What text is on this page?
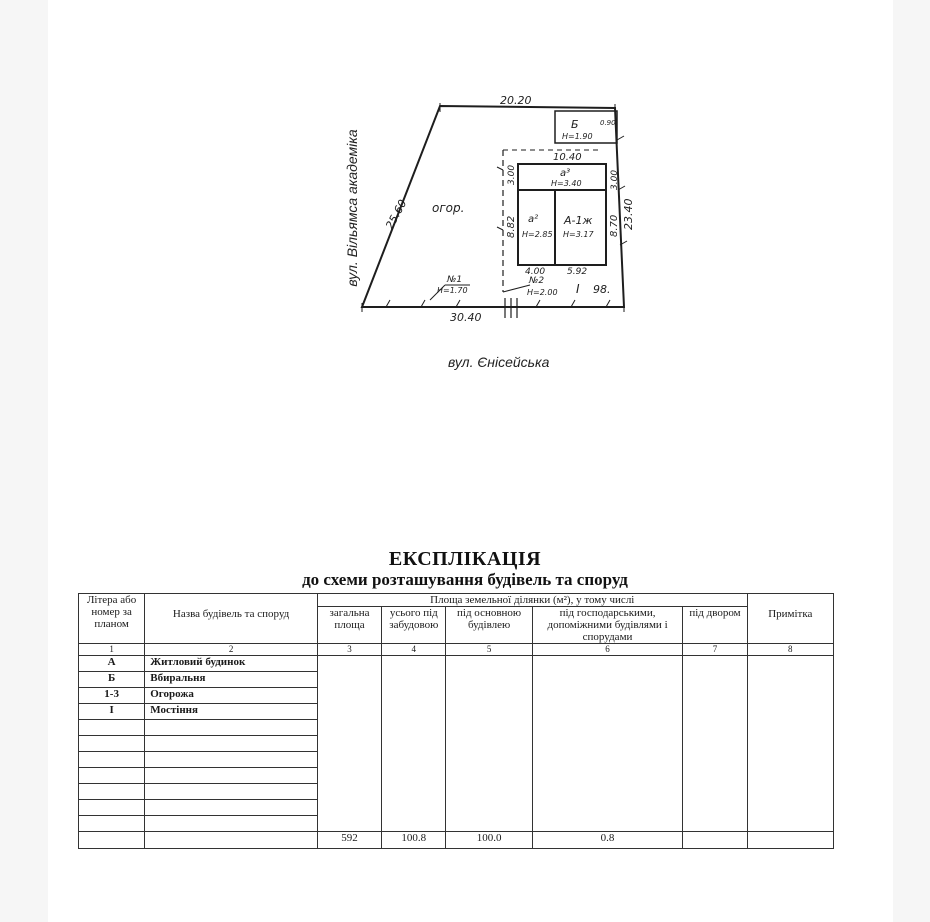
20.20
25.60
30.40
23.40
3.00
10.40
3.00
8.82	8.70
4.00 5.92
0.90
огор.
Б
Н=1.90
а³
Н=3.40
а²
Н=2.85
А-1ж
Н=3.17
№1
Н=1.70
№2
Н=2.00 І 98.
вул. Вільямса академіка
вул. Єнісейська
ЕКСПЛІКАЦІЯ
до схеми розташування будівель та споруд
Літера або номер за планом	Назва будівель та споруд	Площа земельної ділянки (м²), у тому числі					Примітка
		загальна площа	усього під забудовою	під основною будівлею	під господарськими, допоміжними будівлями і спорудами	під двором	
1	2	3	4	5	6	7	8
А	Житловий будинок						
Б	Вбиральня						
1-3	Огорожа						
I	Мостіння						

		592	100.8	100.0	0.8		
